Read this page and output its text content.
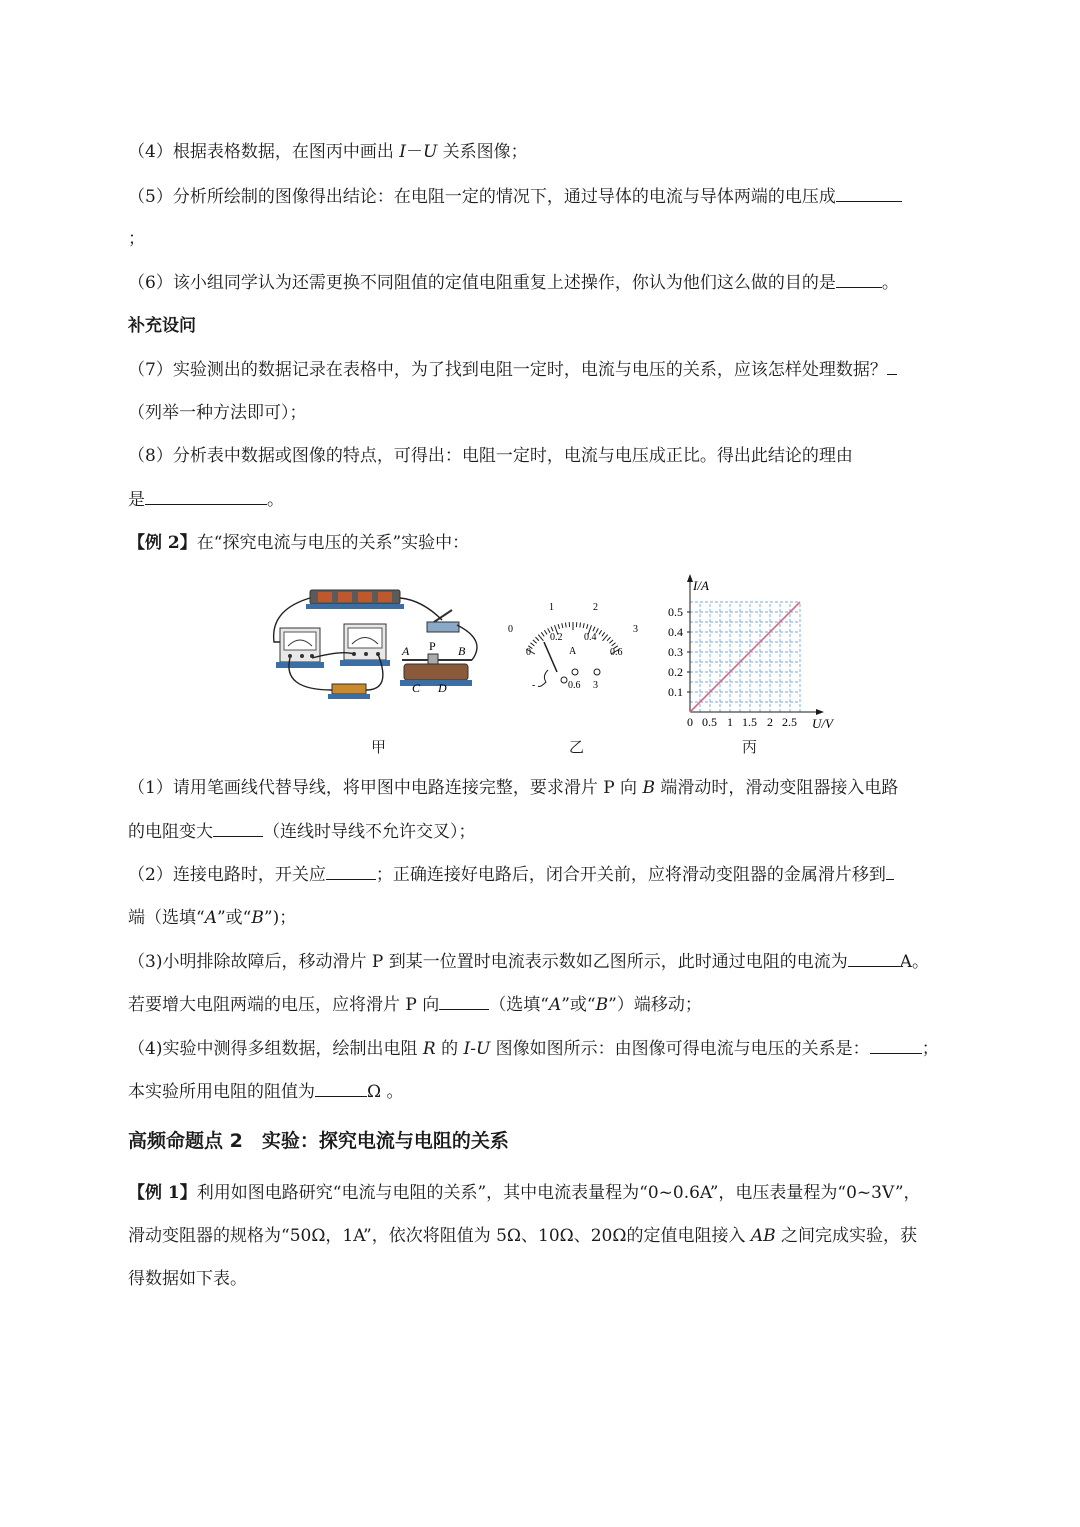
（4）根据表格数据，在图丙中画出 I－U 关系图像；
（5）分析所绘制的图像得出结论：在电阻一定的情况下，通过导体的电流与导体两端的电压成
；
（6）该小组同学认为还需更换不同阻值的定值电阻重复上述操作，你认为他们这么做的目的是	。
补充设问
（7）实验测出的数据记录在表格中，为了找到电阻一定时，电流与电压的关系，应该怎样处理数据？
（列举一种方法即可）；
（8）分析表中数据或图像的特点，可得出：电阻一定时，电流与电压成正比。得出此结论的理由
是	。
【例 2】在“探究电流与电压的关系”实验中：
A P B
C D
甲
0
1	2
3
0
0.2 0.4
0.6
A
-	0.6 3
乙
I/A
U/V
0 0.5 1 1.5 2 2.5
0.1
0.2
0.3
0.4
0.5
丙
（1）请用笔画线代替导线，将甲图中电路连接完整，要求滑片 P 向 B 端滑动时，滑动变阻器接入电路
的电阻变大	（连线时导线不允许交叉）；
（2）连接电路时，开关应	；正确连接好电路后，闭合开关前，应将滑动变阻器的金属滑片移到
端（选填“A”或“B”)；
（3)小明排除故障后，移动滑片 P 到某一位置时电流表示数如乙图所示，此时通过电阻的电流为	A。
若要增大电阻两端的电压，应将滑片 P 向	（选填“A”或“B”）端移动；
（4)实验中测得多组数据，绘制出电阻 R 的 I-U 图像如图所示：由图像可得电流与电压的关系是：	；
本实验所用电阻的阻值为	Ω 。
高频命题点 2　实验：探究电流与电阻的关系
【例 1】利用如图电路研究“电流与电阻的关系”，其中电流表量程为“0~0.6A”，电压表量程为“0~3V”，
滑动变阻器的规格为“50Ω，1A”，依次将阻值为 5Ω、10Ω、20Ω的定值电阻接入 AB 之间完成实验，获
得数据如下表。
